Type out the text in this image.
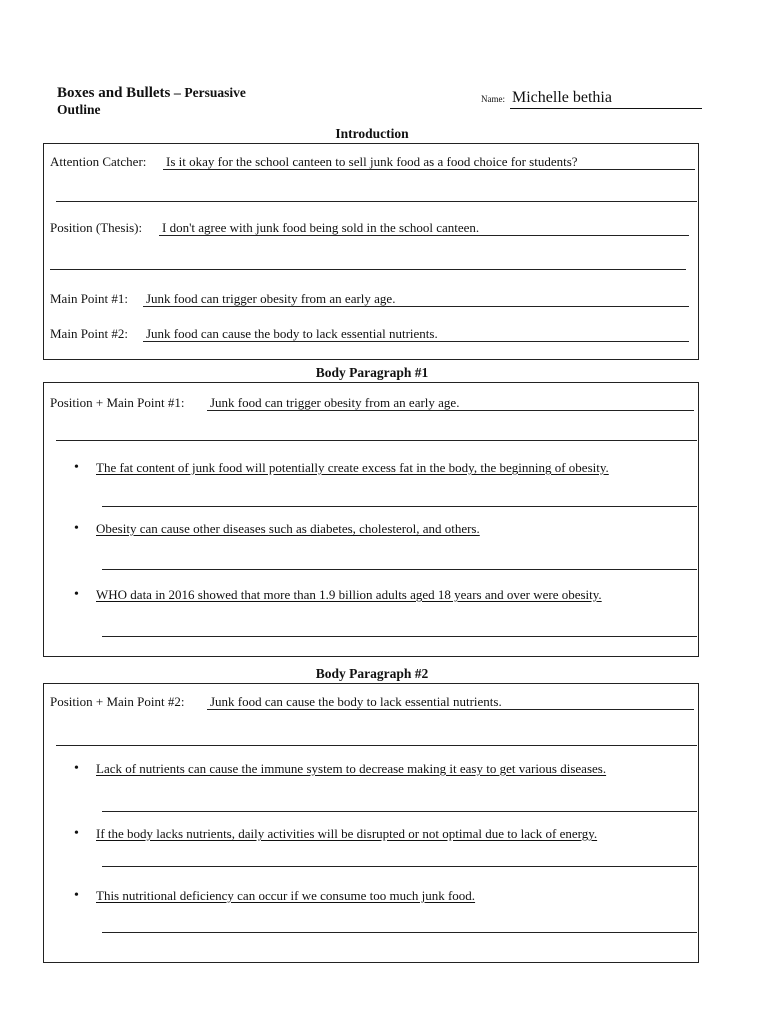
Boxes and Bullets – Persuasive
Outline
Name: Michelle bethia
Introduction
Attention Catcher: Is it okay for the school canteen to sell junk food as a food choice for students?
Position (Thesis): I don't agree with junk food being sold in the school canteen.
Main Point #1: Junk food can trigger obesity from an early age.
Main Point #2: Junk food can cause the body to lack essential nutrients.
Body Paragraph #1
Position + Main Point #1: Junk food can trigger obesity from an early age.
• The fat content of junk food will potentially create excess fat in the body, the beginning of obesity.
• Obesity can cause other diseases such as diabetes, cholesterol, and others.
• WHO data in 2016 showed that more than 1.9 billion adults aged 18 years and over were obesity.
Body Paragraph #2
Position + Main Point #2: Junk food can cause the body to lack essential nutrients.
• Lack of nutrients can cause the immune system to decrease making it easy to get various diseases.
• If the body lacks nutrients, daily activities will be disrupted or not optimal due to lack of energy.
• This nutritional deficiency can occur if we consume too much junk food.
